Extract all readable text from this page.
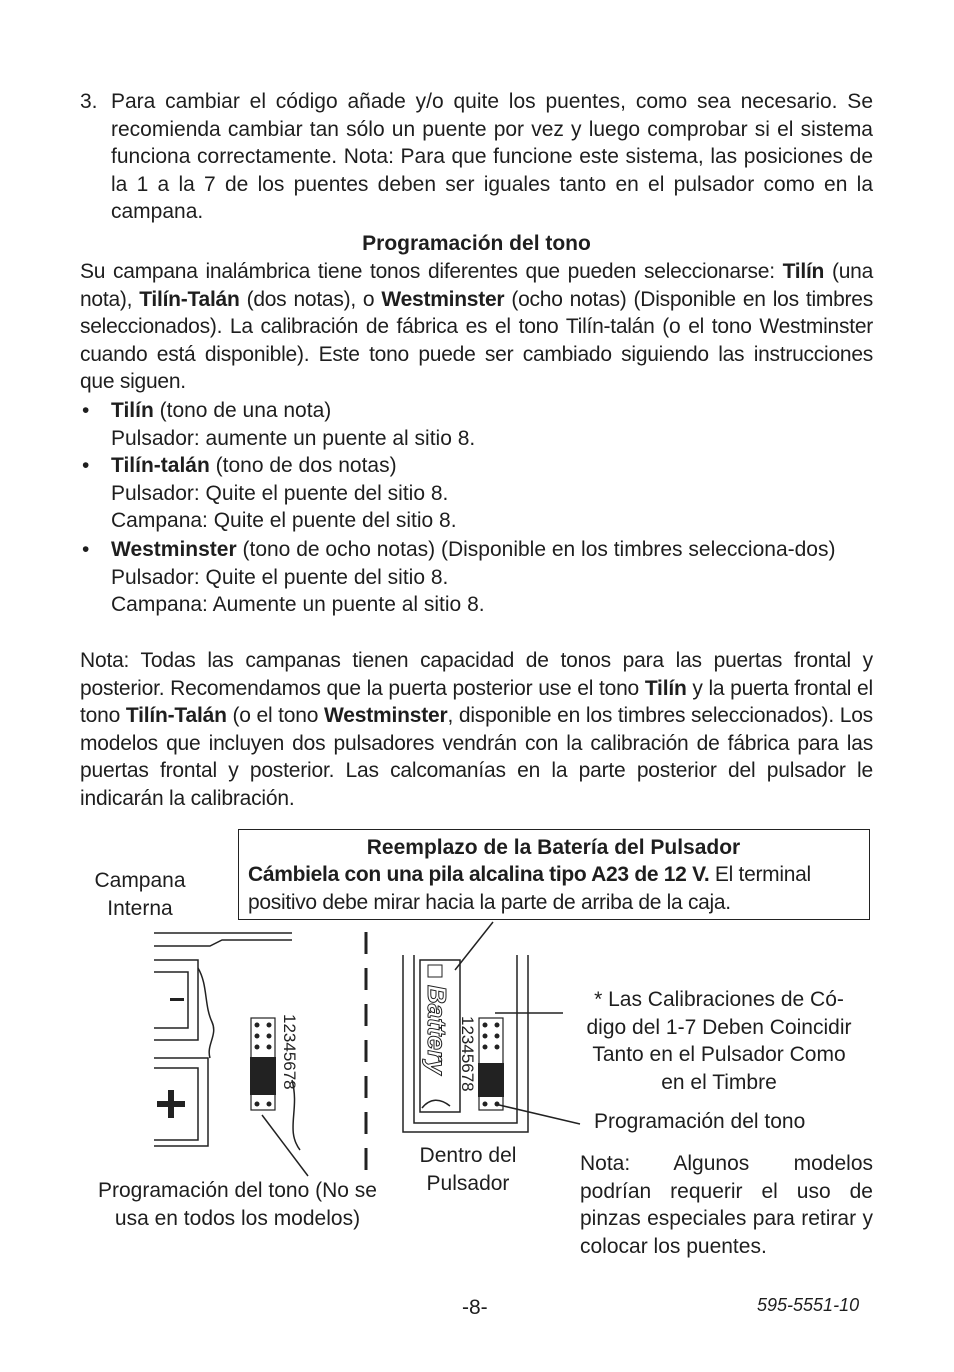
3. Para cambiar el código añade y/o quite los puentes, como sea necesario. Se recomienda cambiar tan sólo un puente por vez y luego comprobar si el sistema funciona correctamente. Nota: Para que funcione este sistema, las posiciones de la 1 a la 7 de los puentes deben ser iguales tanto en el pulsador como en la campana.

Programación del tono

Su campana inalámbrica tiene tonos diferentes que pueden seleccionarse: Tilín (una nota), Tilín-Talán (dos notas), o Westminster (ocho notas) (Disponible en los timbres seleccionados). La calibración de fábrica es el tono Tilín-talán (o el tono Westminster cuando está disponible). Este tono puede ser cambiado siguiendo las instrucciones que siguen.

• Tilín (tono de una nota)
Pulsador: aumente un puente al sitio 8.
• Tilín-talán (tono de dos notas)
Pulsador: Quite el puente del sitio 8.
Campana: Quite el puente del sitio 8.
• Westminster (tono de ocho notas) (Disponible en los timbres selecciona-dos)
Pulsador: Quite el puente del sitio 8.
Campana: Aumente un puente al sitio 8.

Nota: Todas las campanas tienen capacidad de tonos para las puertas frontal y posterior. Recomendamos que la puerta posterior use el tono Tilín y la puerta frontal el tono Tilín-Talán (o el tono Westminster, disponible en los timbres seleccionados). Los modelos que incluyen dos pulsadores vendrán con la calibración de fábrica para las puertas frontal y posterior. Las calcomanías en la parte posterior del pulsador le indicarán la calibración.

Reemplazo de la Batería del Pulsador
Cámbiela con una pila alcalina tipo A23 de 12 V. El terminal positivo debe mirar hacia la parte de arriba de la caja.
Campana
Interna
Dentro del
Pulsador
Programación del tono (No se
usa en todos los modelos)
* Las Calibraciones de Có-
digo del 1-7 Deben Coincidir
Tanto en el Pulsador Como
en el Timbre
Programación del tono

Nota: Algunos modelos podrían requerir el uso de pinzas especiales para retirar y colocar los puentes.

12345678	Battery 12345678
-8-	595-5551-10
